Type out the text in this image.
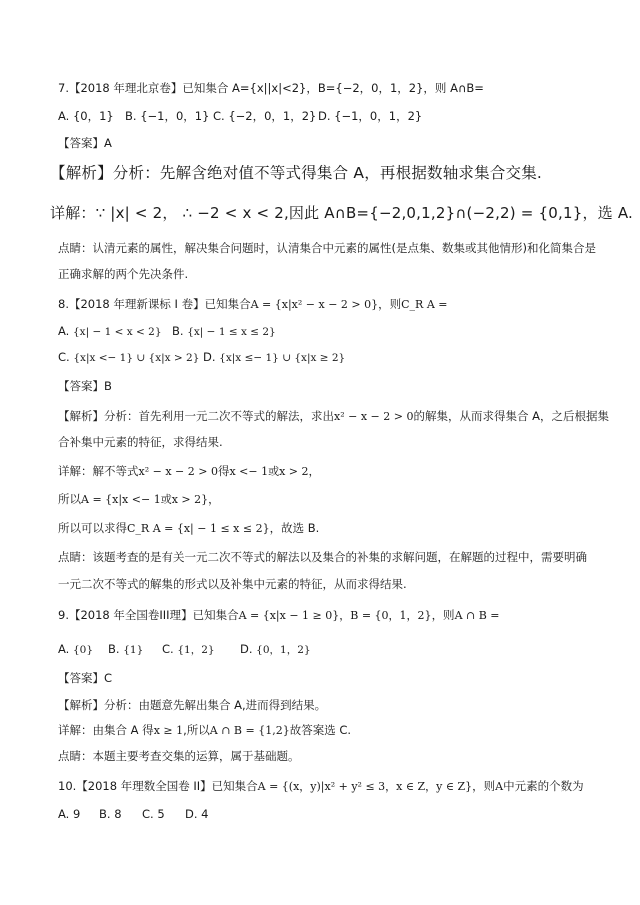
7.【2018 年理北京卷】已知集合 A={x||x|<2}，B={−2，0，1，2}，则 A∩B=
A. {0，1} B. {−1，0，1} C. {−2，0，1，2} D. {−1，0，1，2}
【答案】A
【解析】分析：先解含绝对值不等式得集合 A，再根据数轴求集合交集.
详解：∵ |x| < 2， ∴ −2 < x < 2,因此 A∩B={−2,0,1,2}∩(−2,2) = {0,1}，选 A.
点睛：认清元素的属性，解决集合问题时，认清集合中元素的属性(是点集、数集或其他情形)和化简集合是
正确求解的两个先决条件.
8.【2018 年理新课标 I 卷】已知集合A = {x|x² − x − 2 > 0}，则C_R A =
A. {x| − 1 < x < 2} B. {x| − 1 ≤ x ≤ 2}
C. {x|x <− 1} ∪ {x|x > 2} D. {x|x ≤− 1} ∪ {x|x ≥ 2}
【答案】B
【解析】分析：首先利用一元二次不等式的解法，求出x² − x − 2 > 0的解集，从而求得集合 A，之后根据集
合补集中元素的特征，求得结果.
详解：解不等式x² − x − 2 > 0得x <− 1或x > 2，
所以A = {x|x <− 1或x > 2}，
所以可以求得C_R A = {x| − 1 ≤ x ≤ 2}，故选 B.
点睛：该题考查的是有关一元二次不等式的解法以及集合的补集的求解问题，在解题的过程中，需要明确
一元二次不等式的解集的形式以及补集中元素的特征，从而求得结果.
9.【2018 年全国卷III理】已知集合A = {x|x − 1 ≥ 0}，B = {0，1，2}，则A ∩ B =
A. {0} B. {1} C. {1，2} D. {0，1，2}
【答案】C
【解析】分析：由题意先解出集合 A,进而得到结果。
详解：由集合 A 得x ≥ 1,所以A ∩ B = {1,2}故答案选 C.
点睛：本题主要考查交集的运算，属于基础题。
10.【2018 年理数全国卷 II】已知集合A = {(x，y)|x² + y² ≤ 3，x ∈ Z，y ∈ Z}，则A中元素的个数为
A. 9 B. 8 C. 5 D. 4
